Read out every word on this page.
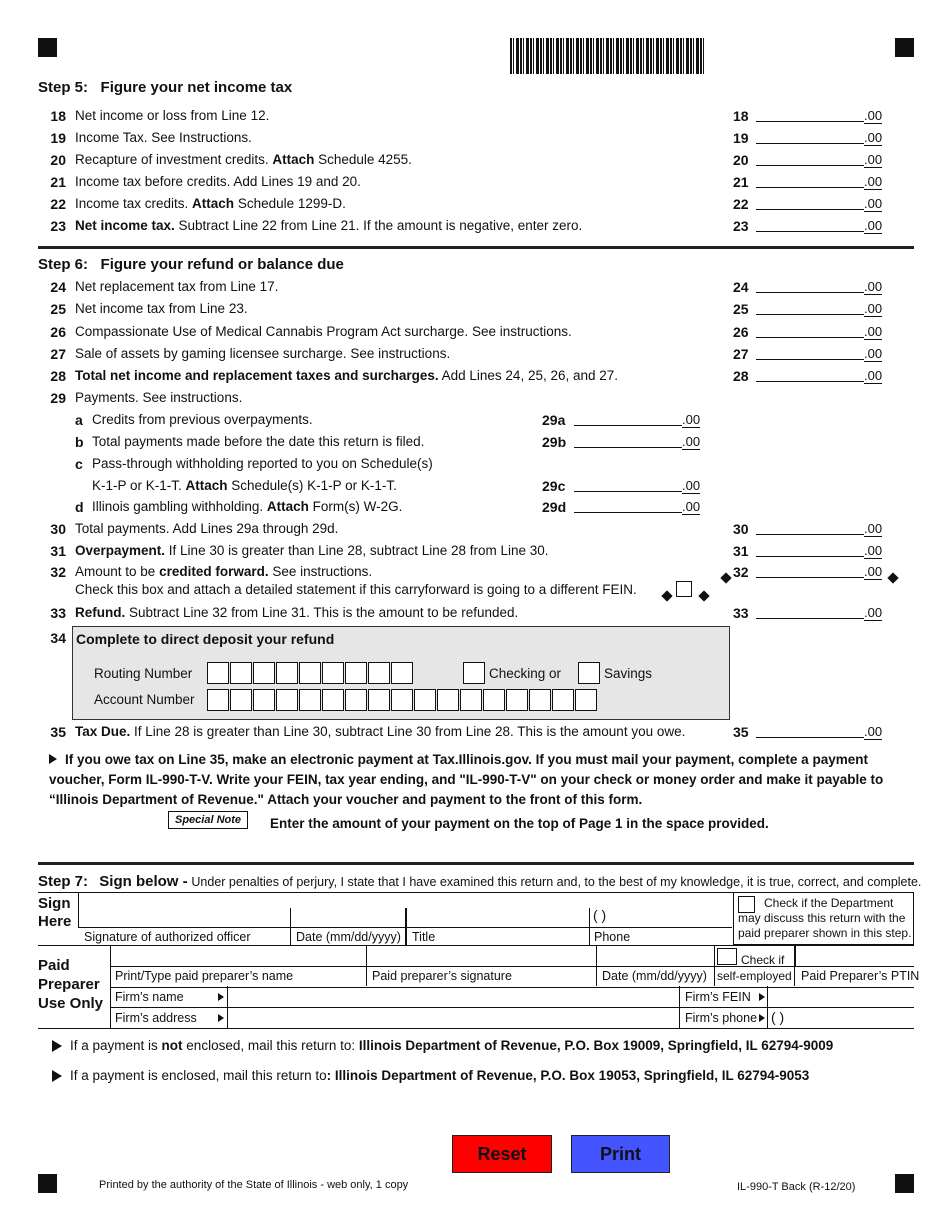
Step 5: Figure your net income tax
18 Net income or loss from Line 12.	18	.00
19 Income Tax. See Instructions.	19	.00
20 Recapture of investment credits. Attach Schedule 4255.	20	.00
21 Income tax before credits. Add Lines 19 and 20.	21	.00
22 Income tax credits. Attach Schedule 1299-D.	22	.00
23 Net income tax. Subtract Line 22 from Line 21. If the amount is negative, enter zero.	23	.00
Step 6: Figure your refund or balance due
24 Net replacement tax from Line 17.	24	.00
25 Net income tax from Line 23.	25	.00
26 Compassionate Use of Medical Cannabis Program Act surcharge. See instructions.	26	.00
27 Sale of assets by gaming licensee surcharge. See instructions.	27	.00
28 Total net income and replacement taxes and surcharges. Add Lines 24, 25, 26, and 27.	28	.00
29 Payments. See instructions.
a Credits from previous overpayments.	29a	.00
b Total payments made before the date this return is filed.	29b	.00
c Pass-through withholding reported to you on Schedule(s)
K-1-P or K-1-T. Attach Schedule(s) K-1-P or K-1-T.	29c	.00
d Illinois gambling withholding. Attach Form(s) W-2G.	29d	.00
30 Total payments. Add Lines 29a through 29d.	30	.00
31 Overpayment. If Line 30 is greater than Line 28, subtract Line 28 from Line 30.	31	.00
32 Amount to be credited forward. See instructions.	32	.00
Check this box and attach a detailed statement if this carryforward is going to a different FEIN.
33 Refund. Subtract Line 32 from Line 31. This is the amount to be refunded.	33	.00
34 Complete to direct deposit your refund
Routing Number
Account Number
Checking or	Savings
35 Tax Due. If Line 28 is greater than Line 30, subtract Line 30 from Line 28. This is the amount you owe.	35	.00
If you owe tax on Line 35, make an electronic payment at Tax.Illinois.gov. If you must mail your payment, complete a payment voucher, Form IL-990-T-V. Write your FEIN, tax year ending, and "IL-990-T-V" on your check or money order and make it payable to “Illinois Department of Revenue." Attach your voucher and payment to the front of this form.
Special Note	Enter the amount of your payment on the top of Page 1 in the space provided.
Step 7: Sign below - Under penalties of perjury, I state that I have examined this return and, to the best of my knowledge, it is true, correct, and complete.
Sign Here	( )
Signature of authorized officer	Date (mm/dd/yyyy) Title	Phone
Check if the Department may discuss this return with the paid preparer shown in this step.
Paid Preparer Use Only
Print/Type paid preparer’s name	Paid preparer’s signature	Date (mm/dd/yyyy)
Check if self-employed Paid Preparer’s PTIN
Firm’s name	Firm’s FEIN
Firm’s address	Firm’s phone ( )
If a payment is not enclosed, mail this return to: Illinois Department of Revenue, P.O. Box 19009, Springfield, IL 62794-9009
If a payment is enclosed, mail this return to: Illinois Department of Revenue, P.O. Box 19053, Springfield, IL 62794-9053
Reset	Print
Printed by the authority of the State of Illinois - web only, 1 copy	IL-990-T Back (R-12/20)
